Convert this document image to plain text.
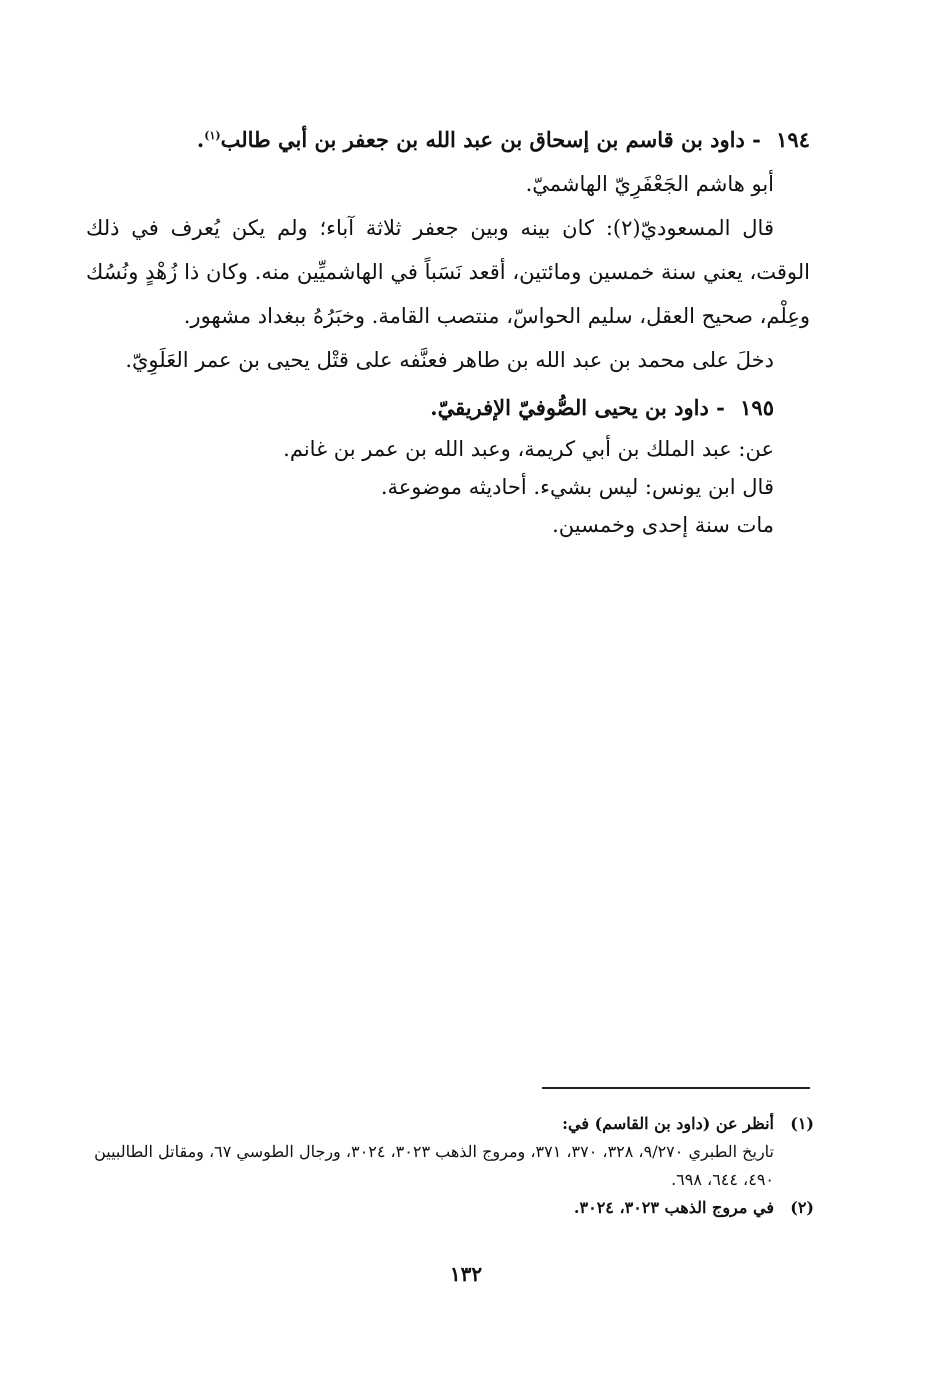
١٩٤ - داود بن قاسم بن إسحاق بن عبد الله بن جعفر بن أبي طالب$^{(١)}$.

أبو هاشم الجَعْفَرِيّ الهاشميّ.

قال المسعوديّ(٢): كان بينه وبين جعفر ثلاثة آباء؛ ولم يكن يُعرف في ذلك الوقت، يعني سنة خمسين ومائتين، أقعد نَسَباً في الهاشميِّين منه. وكان ذا زُهْدٍ ونُسُك وعِلْم، صحيح العقل، سليم الحواسّ، منتصب القامة. وخبَرُهُ ببغداد مشهور.

دخلَ على محمد بن عبد الله بن طاهر فعنَّفه على قتْل يحيى بن عمر العَلَوِيّ.

١٩٥ - داود بن يحيى الصُّوفيّ الإفريقيّ.

عن: عبد الملك بن أبي كريمة، وعبد الله بن عمر بن غانم.

قال ابن يونس: ليس بشيء. أحاديثه موضوعة.

مات سنة إحدى وخمسين.

(١)
أنظر عن (داود بن القاسم) في:
تاريخ الطبري ٩/٢٧٠، ٣٢٨، ٣٧٠، ٣٧١، ومروج الذهب ٣٠٢٣، ٣٠٢٤، ورجال الطوسي ٦٧، ومقاتل الطالبيين ٤٩٠، ٦٤٤، ٦٩٨.
(٢)
في مروج الذهب ٣٠٢٣، ٣٠٢٤.
١٣٢
